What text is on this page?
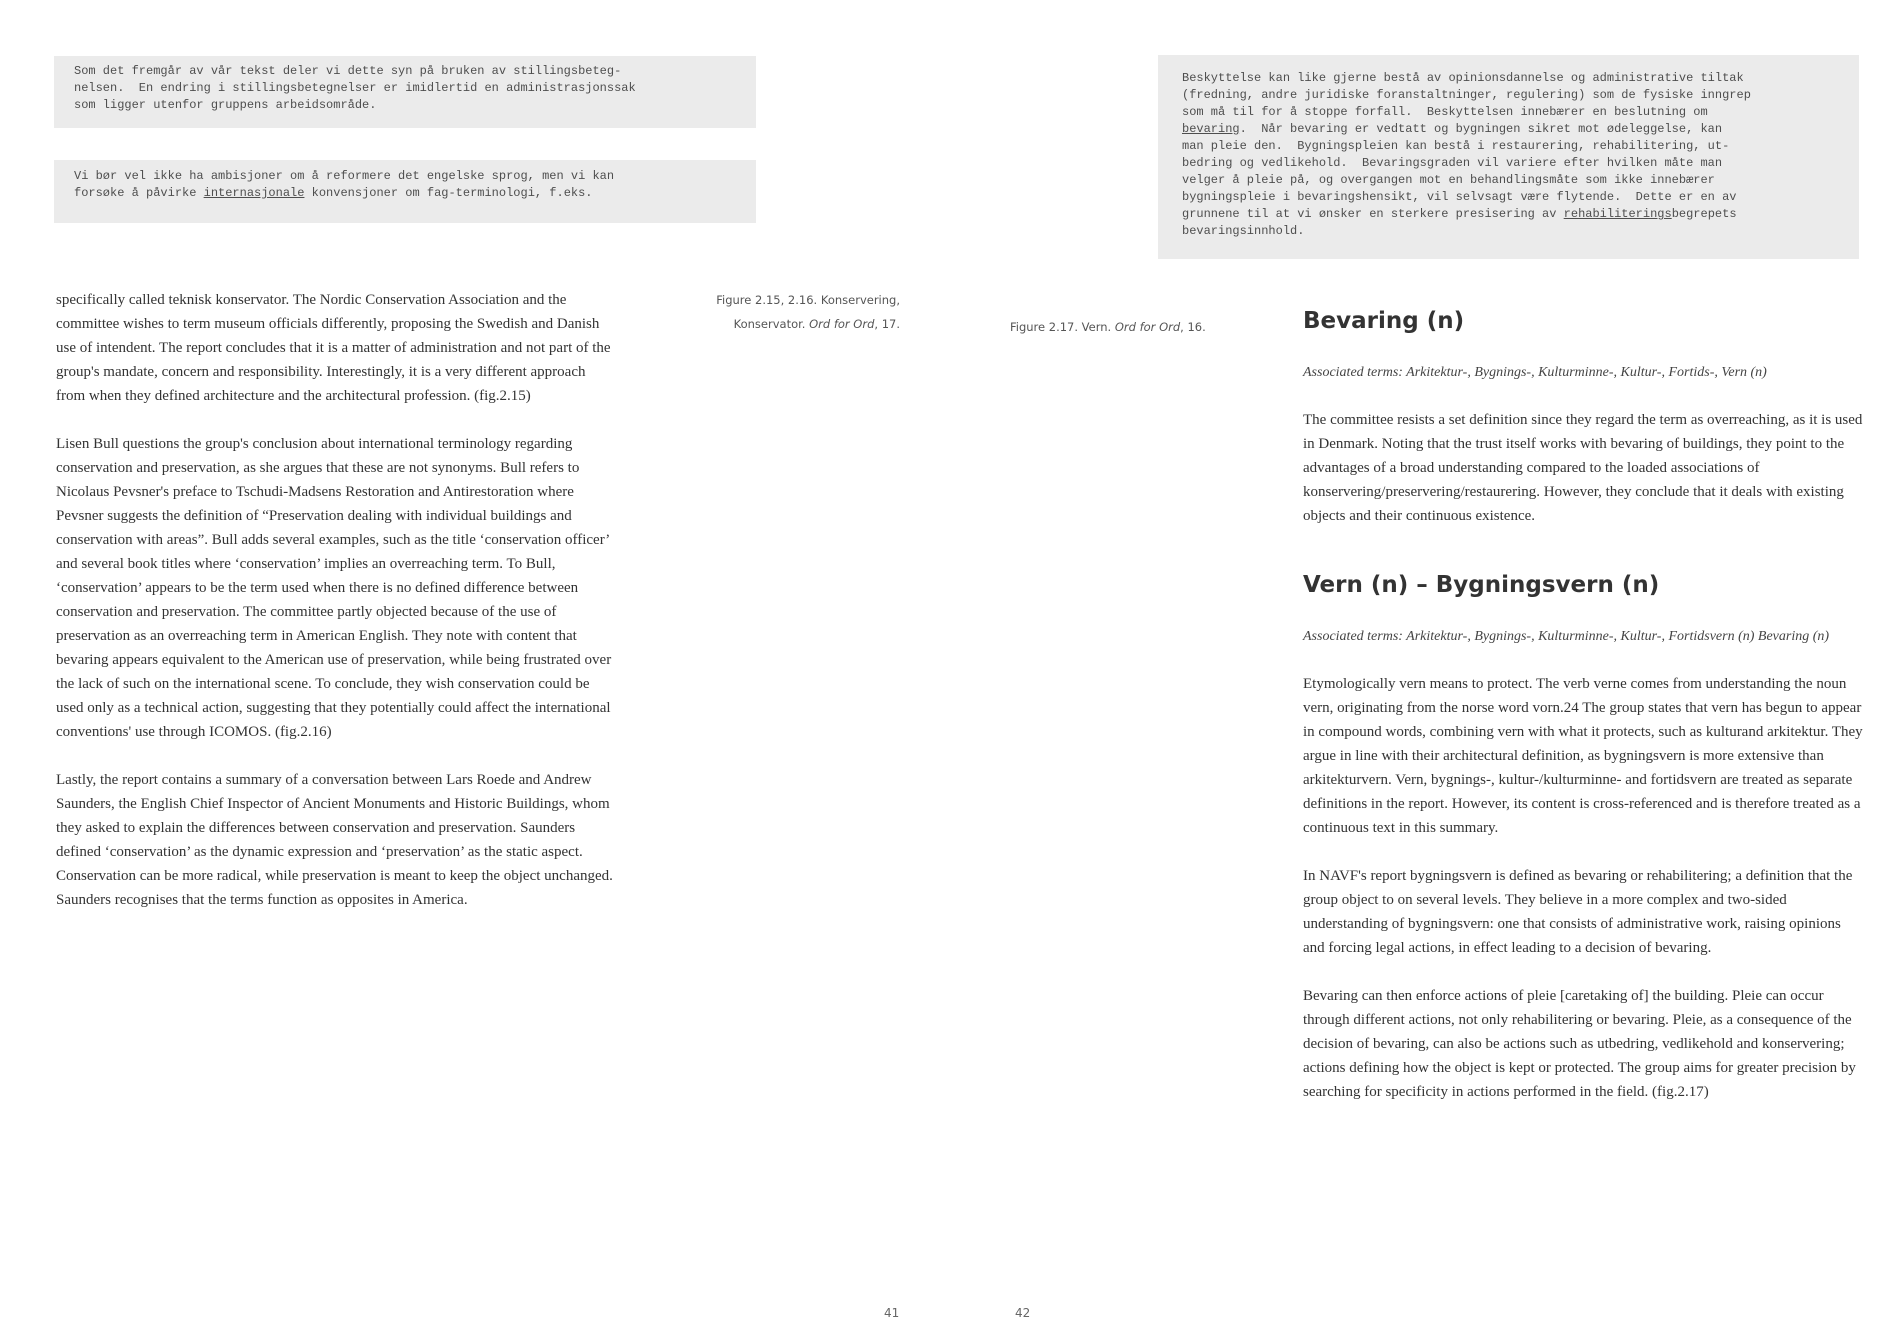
Som det fremgår av vår tekst deler vi dette syn på bruken av stillingsbeteg-
nelsen.  En endring i stillingsbetegnelser er imidlertid en administrasjonssak
som ligger utenfor gruppens arbeidsområde.
Vi bør vel ikke ha ambisjoner om å reformere det engelske sprog, men vi kan
forsøke å påvirke internasjonale konvensjoner om fag-terminologi, f.eks.
Beskyttelse kan like gjerne bestå av opinionsdannelse og administrative tiltak
(fredning, andre juridiske foranstaltninger, regulering) som de fysiske inngrep
som må til for å stoppe forfall.  Beskyttelsen innebærer en beslutning om
bevaring.  Når bevaring er vedtatt og bygningen sikret mot ødeleggelse, kan
man pleie den.  Bygningspleien kan bestå i restaurering, rehabilitering, ut-
bedring og vedlikehold.  Bevaringsgraden vil variere efter hvilken måte man
velger å pleie på, og overgangen mot en behandlingsmåte som ikke innebærer
bygningspleie i bevaringshensikt, vil selvsagt være flytende.  Dette er en av
grunnene til at vi ønsker en sterkere presisering av rehabiliteringsbegrepets
bevaringsinnhold.

specifically called teknisk konservator. The Nordic Conservation Association and the committee wishes to term museum officials differently, proposing the Swedish and Danish use of intendent. The report concludes that it is a matter of administration and not part of the group's mandate, concern and responsibility. Interestingly, it is a very different approach from when they defined architecture and the architectural profession. (fig.2.15)

Lisen Bull questions the group's conclusion about international terminology regarding conservation and preservation, as she argues that these are not synonyms. Bull refers to Nicolaus Pevsner's preface to Tschudi-Madsens Restoration and Antirestoration where Pevsner suggests the definition of “Preservation dealing with individual buildings and conservation with areas”. Bull adds several examples, such as the title ‘conservation officer’ and several book titles where ‘conservation’ implies an overreaching term. To Bull, ‘conservation’ appears to be the term used when there is no defined difference between conservation and preservation. The committee partly objected because of the use of preservation as an overreaching term in American English. They note with content that bevaring appears equivalent to the American use of preservation, while being frustrated over the lack of such on the international scene. To conclude, they wish conservation could be used only as a technical action, suggesting that they potentially could affect the international conventions' use through ICOMOS. (fig.2.16)

Lastly, the report contains a summary of a conversation between Lars Roede and Andrew Saunders, the English Chief Inspector of Ancient Monuments and Historic Buildings, whom they asked to explain the differences between conservation and preservation. Saunders defined ‘conservation’ as the dynamic expression and ‘preservation’ as the static aspect. Conservation can be more radical, while preservation is meant to keep the object unchanged. Saunders recognises that the terms function as opposites in America.

Figure 2.15, 2.16. Konservering,
Konservator. Ord for Ord, 17.	Figure 2.17. Vern. Ord for Ord, 16.	Bevaring (n)
Associated terms: Arkitektur-, Bygnings-, Kulturminne-, Kultur-, Fortids-, Vern (n)

The committee resists a set definition since they regard the term as overreaching, as it is used in Denmark. Noting that the trust itself works with bevaring of buildings, they point to the advantages of a broad understanding compared to the loaded associations of konservering/preservering/restaurering. However, they conclude that it deals with existing objects and their continuous existence.

Vern (n) – Bygningsvern (n)
Associated terms: Arkitektur-, Bygnings-, Kulturminne-, Kultur-, Fortidsvern (n) Bevaring (n)

Etymologically vern means to protect. The verb verne comes from understanding the noun vern, originating from the norse word vorn.24 The group states that vern has begun to appear in compound words, combining vern with what it protects, such as kulturand arkitektur. They argue in line with their architectural definition, as bygningsvern is more extensive than arkitekturvern. Vern, bygnings-, kultur-/kulturminne- and fortidsvern are treated as separate definitions in the report. However, its content is cross-referenced and is therefore treated as a continuous text in this summary.

In NAVF's report bygningsvern is defined as bevaring or rehabilitering; a definition that the group object to on several levels. They believe in a more complex and two-sided understanding of bygningsvern: one that consists of administrative work, raising opinions and forcing legal actions, in effect leading to a decision of bevaring.

Bevaring can then enforce actions of pleie [caretaking of] the building. Pleie can occur through different actions, not only rehabilitering or bevaring. Pleie, as a consequence of the decision of bevaring, can also be actions such as utbedring, vedlikehold and konservering; actions defining how the object is kept or protected. The group aims for greater precision by searching for specificity in actions performed in the field. (fig.2.17)

41	42
